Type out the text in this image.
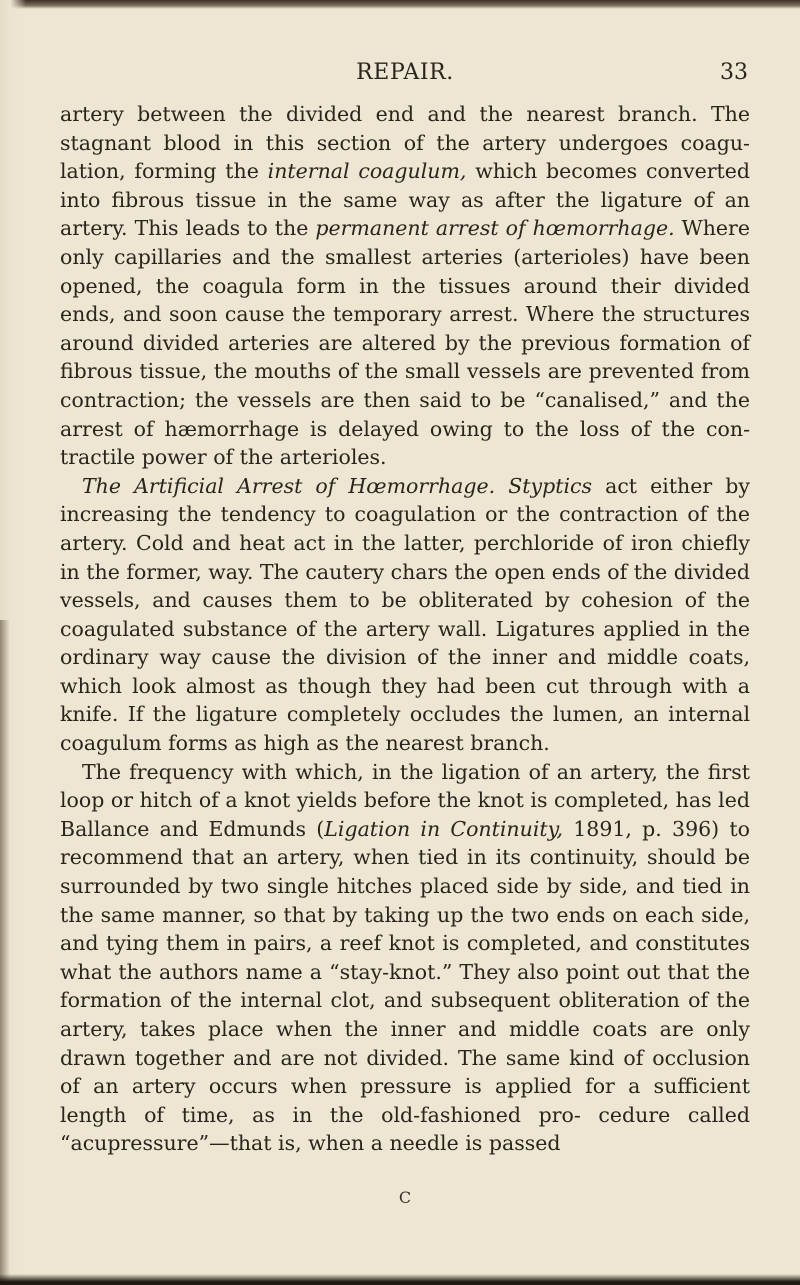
REPAIR.	33

artery between the divided end and the nearest branch. The stagnant blood in this section of the artery undergoes coagu- lation, forming the internal coagulum, which becomes converted into fibrous tissue in the same way as after the ligature of an artery. This leads to the permanent arrest of hœmorrhage. Where only capillaries and the smallest arteries (arterioles) have been opened, the coagula form in the tissues around their divided ends, and soon cause the temporary arrest. Where the structures around divided arteries are altered by the previous formation of fibrous tissue, the mouths of the small vessels are prevented from contraction; the vessels are then said to be “canalised,” and the arrest of hæmorrhage is delayed owing to the loss of the con- tractile power of the arterioles.

The Artificial Arrest of Hœmorrhage. Styptics act either by increasing the tendency to coagulation or the contraction of the artery. Cold and heat act in the latter, perchloride of iron chiefly in the former, way. The cautery chars the open ends of the divided vessels, and causes them to be obliterated by cohesion of the coagulated substance of the artery wall. Ligatures applied in the ordinary way cause the division of the inner and middle coats, which look almost as though they had been cut through with a knife. If the ligature completely occludes the lumen, an internal coagulum forms as high as the nearest branch.

The frequency with which, in the ligation of an artery, the first loop or hitch of a knot yields before the knot is completed, has led Ballance and Edmunds (Ligation in Continuity, 1891, p. 396) to recommend that an artery, when tied in its continuity, should be surrounded by two single hitches placed side by side, and tied in the same manner, so that by taking up the two ends on each side, and tying them in pairs, a reef knot is completed, and constitutes what the authors name a “stay-knot.” They also point out that the formation of the internal clot, and subsequent obliteration of the artery, takes place when the inner and middle coats are only drawn together and are not divided. The same kind of occlusion of an artery occurs when pressure is applied for a sufficient length of time, as in the old-fashioned pro- cedure called “acupressure”—that is, when a needle is passed

C
